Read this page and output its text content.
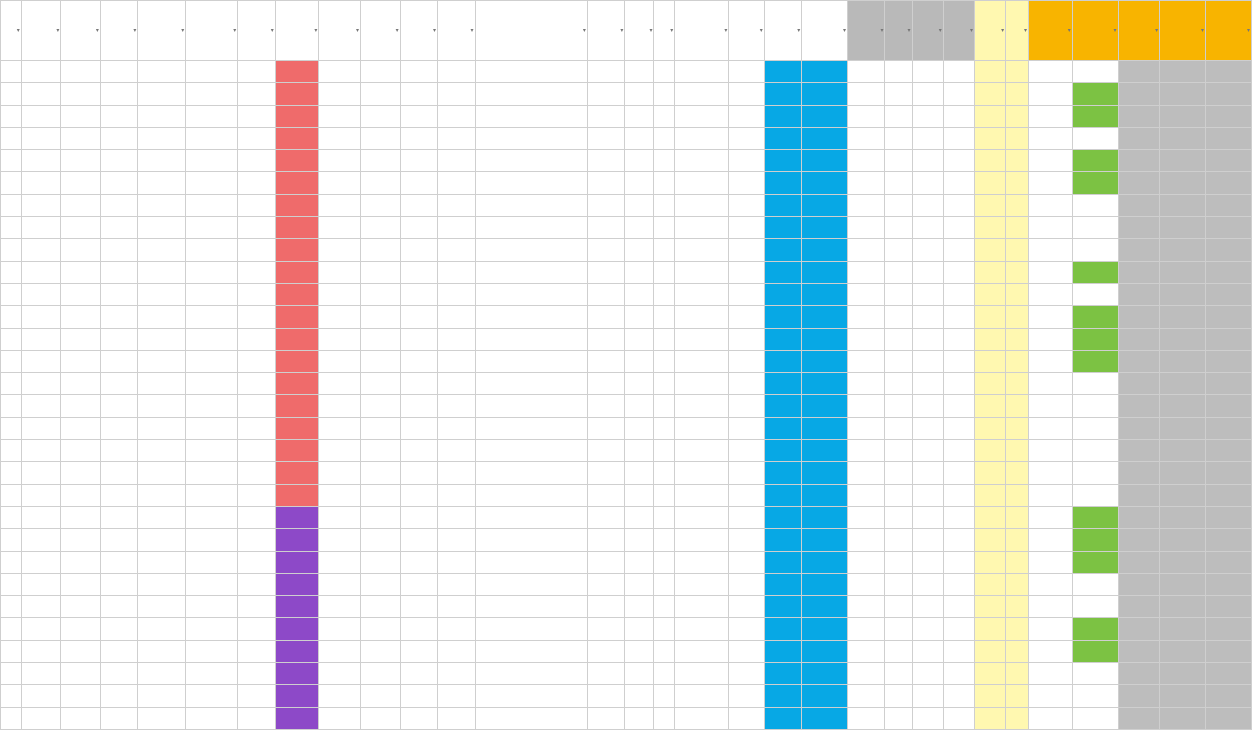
▾	▾	▾	▾	▾	▾	▾	▾	▾	▾	▾	▾	▾	▾	▾	▾	▾	▾	▾	▾	▾	▾	▾	▾	▾	▾	▾	▾	▾	▾	▾
